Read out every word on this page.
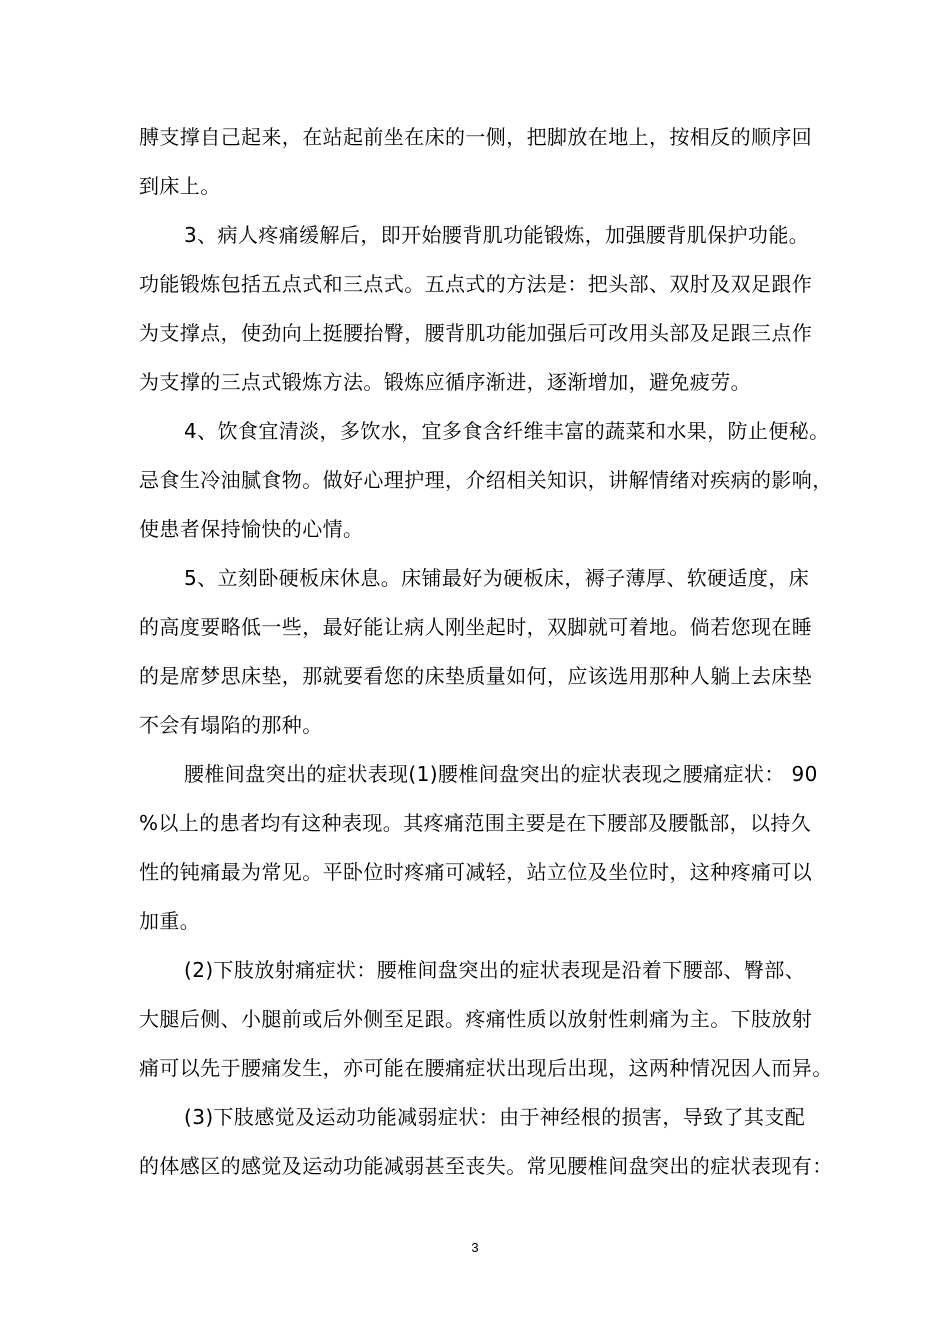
膊支撑自己起来，在站起前坐在床的一侧，把脚放在地上，按相反的顺序回
到床上。
3、病人疼痛缓解后，即开始腰背肌功能锻炼，加强腰背肌保护功能。
功能锻炼包括五点式和三点式。五点式的方法是：把头部、双肘及双足跟作
为支撑点，使劲向上挺腰抬臀，腰背肌功能加强后可改用头部及足跟三点作
为支撑的三点式锻炼方法。锻炼应循序渐进，逐渐增加，避免疲劳。
4、饮食宜清淡，多饮水，宜多食含纤维丰富的蔬菜和水果，防止便秘。
忌食生冷油腻食物。做好心理护理，介绍相关知识，讲解情绪对疾病的影响，
使患者保持愉快的心情。
5、立刻卧硬板床休息。床铺最好为硬板床，褥子薄厚、软硬适度，床
的高度要略低一些，最好能让病人刚坐起时，双脚就可着地。倘若您现在睡
的是席梦思床垫，那就要看您的床垫质量如何，应该选用那种人躺上去床垫
不会有塌陷的那种。
腰椎间盘突出的症状表现(1)腰椎间盘突出的症状表现之腰痛症状： 90
%以上的患者均有这种表现。其疼痛范围主要是在下腰部及腰骶部，以持久
性的钝痛最为常见。平卧位时疼痛可减轻，站立位及坐位时，这种疼痛可以
加重。
(2)下肢放射痛症状：腰椎间盘突出的症状表现是沿着下腰部、臀部、
大腿后侧、小腿前或后外侧至足跟。疼痛性质以放射性刺痛为主。下肢放射
痛可以先于腰痛发生，亦可能在腰痛症状出现后出现，这两种情况因人而异。
(3)下肢感觉及运动功能减弱症状：由于神经根的损害，导致了其支配
的体感区的感觉及运动功能减弱甚至丧失。常见腰椎间盘突出的症状表现有：
3
